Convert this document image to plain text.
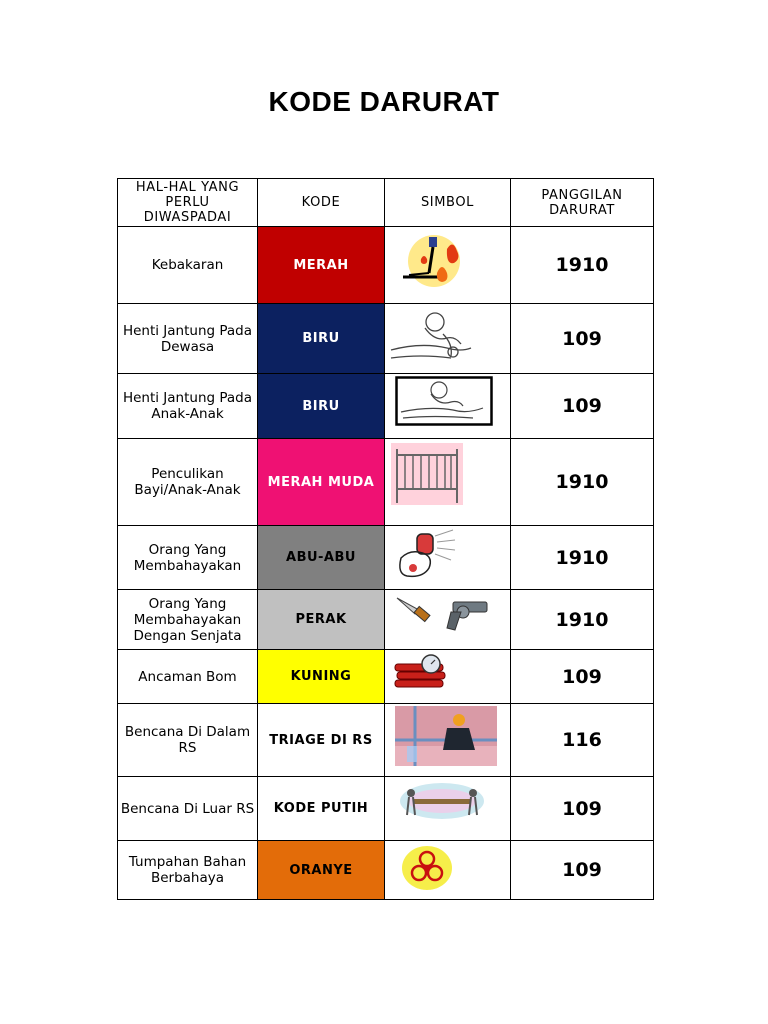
KODE DARURAT
HAL-HAL YANG PERLU DIWASPADAI	KODE	SIMBOL	PANGGILAN DARURAT
Kebakaran	MERAH		1910
Henti Jantung Pada Dewasa	BIRU		109
Henti Jantung Pada Anak-Anak	BIRU		109
Penculikan Bayi/Anak-Anak	MERAH MUDA		1910
Orang Yang Membahayakan	ABU-ABU		1910
Orang Yang Membahayakan Dengan Senjata	PERAK		1910
Ancaman Bom	KUNING		109
Bencana Di Dalam RS	TRIAGE DI RS		116
Bencana Di Luar RS	KODE PUTIH		109
Tumpahan Bahan Berbahaya	ORANYE		109
